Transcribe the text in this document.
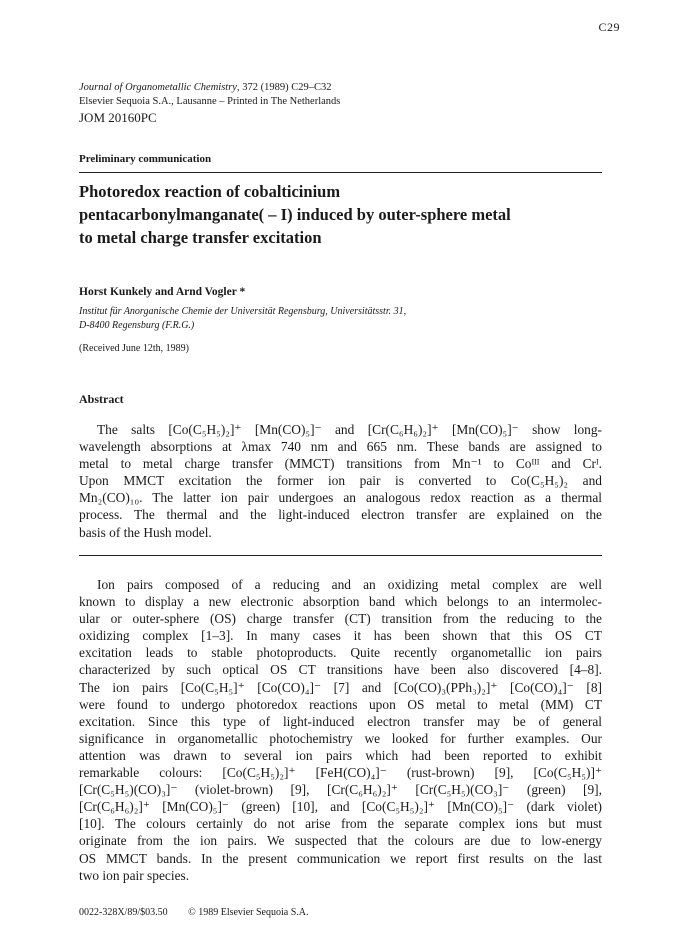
C29
Journal of Organometallic Chemistry, 372 (1989) C29–C32
Elsevier Sequoia S.A., Lausanne – Printed in The Netherlands
JOM 20160PC
Preliminary communication
Photoredox reaction of cobalticinium
pentacarbonylmanganate( – I) induced by outer-sphere metal
to metal charge transfer excitation
Horst Kunkely and Arnd Vogler *
Institut für Anorganische Chemie der Universität Regensburg, Universitätsstr. 31,
D-8400 Regensburg (F.R.G.)
(Received June 12th, 1989)
Abstract
The salts [Co(C₅H₅)₂]⁺ [Mn(CO)₅]⁻ and [Cr(C₆H₆)₂]⁺ [Mn(CO)₅]⁻ show long-
wavelength absorptions at λmax 740 nm and 665 nm. These bands are assigned to
metal to metal charge transfer (MMCT) transitions from Mn⁻¹ to Coᴵᴵᴵ and Crᴵ.
Upon MMCT excitation the former ion pair is converted to Co(C₅H₅)₂ and
Mn₂(CO)₁₀. The latter ion pair undergoes an analogous redox reaction as a thermal
process. The thermal and the light-induced electron transfer are explained on the
basis of the Hush model.
Ion pairs composed of a reducing and an oxidizing metal complex are well
known to display a new electronic absorption band which belongs to an intermolec-
ular or outer-sphere (OS) charge transfer (CT) transition from the reducing to the
oxidizing complex [1–3]. In many cases it has been shown that this OS CT
excitation leads to stable photoproducts. Quite recently organometallic ion pairs
characterized by such optical OS CT transitions have been also discovered [4–8].
The ion pairs [Co(C₅H₅]⁺ [Co(CO)₄]⁻ [7] and [Co(CO)₃(PPh₃)₂]⁺ [Co(CO)₄]⁻ [8]
were found to undergo photoredox reactions upon OS metal to metal (MM) CT
excitation. Since this type of light-induced electron transfer may be of general
significance in organometallic photochemistry we looked for further examples. Our
attention was drawn to several ion pairs which had been reported to exhibit
remarkable colours: [Co(C₅H₅)₂]⁺ [FeH(CO)₄]⁻ (rust-brown) [9], [Co(C₅H₅)]⁺
[Cr(C₅H₅)(CO)₃]⁻ (violet-brown) [9], [Cr(C₆H₆)₂]⁺ [Cr(C₅H₅)(CO₃]⁻ (green) [9],
[Cr(C₆H₆)₂]⁺ [Mn(CO)₅]⁻ (green) [10], and [Co(C₅H₅)₂]⁺ [Mn(CO)₅]⁻ (dark violet)
[10]. The colours certainly do not arise from the separate complex ions but must
originate from the ion pairs. We suspected that the colours are due to low-energy
OS MMCT bands. In the present communication we report first results on the last
two ion pair species.
0022-328X/89/$03.50 © 1989 Elsevier Sequoia S.A.
